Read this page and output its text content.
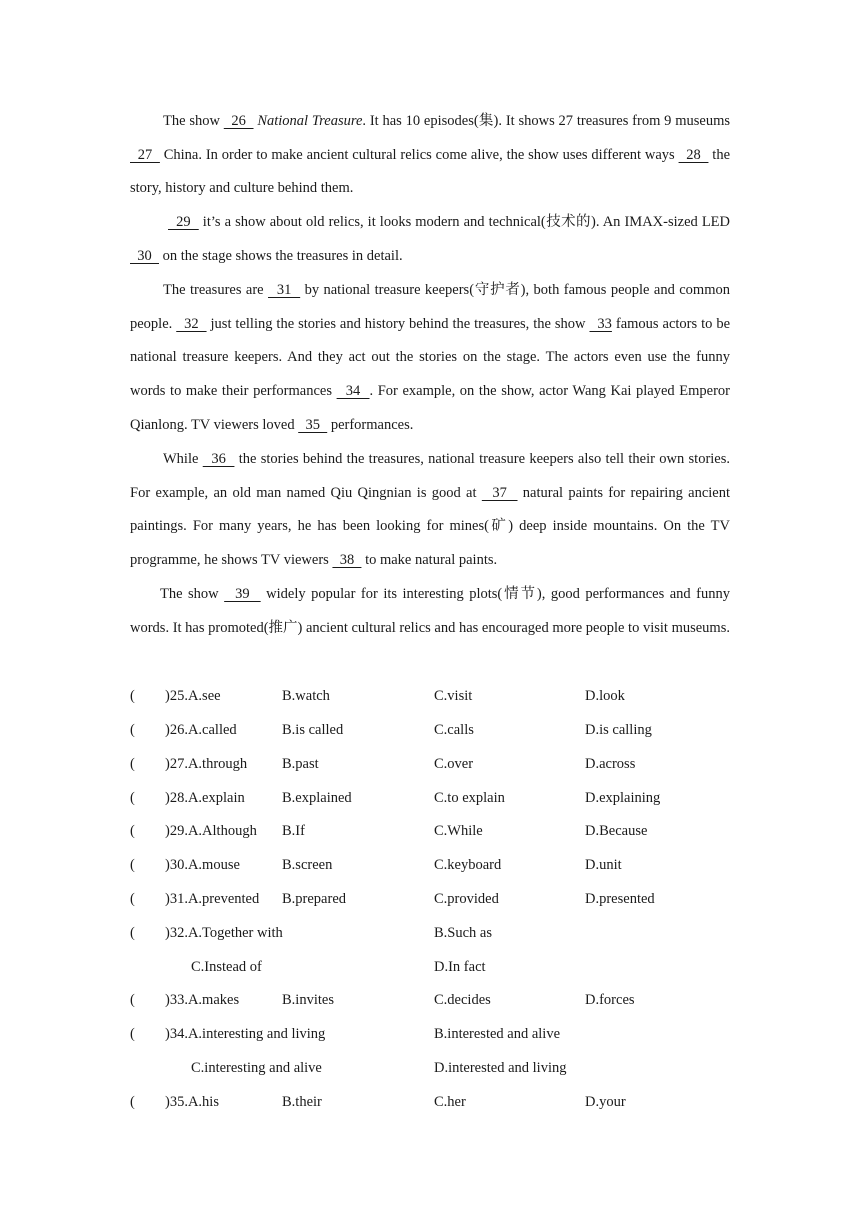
The show   26   National Treasure. It has 10 episodes(集). It shows 27 treasures from 9 museums   27   China. In order to make ancient cultural relics come alive, the show uses different ways   28   the story, history and culture behind them.

29   it’s a show about old relics, it looks modern and technical(技术的). An IMAX-sized LED   30   on the stage shows the treasures in detail.

The treasures are   31   by national treasure keepers(守护者), both famous people and common people.   32   just telling the stories and history behind the treasures, the show   33 famous actors to be national treasure keepers. And they act out the stories on the stage. The actors even use the funny words to make their performances   34  . For example, on the show, actor Wang Kai played Emperor Qianlong. TV viewers loved   35   performances.

While   36   the stories behind the treasures, national treasure keepers also tell their own stories. For example, an old man named Qiu Qingnian is good at   37   natural paints for repairing ancient paintings. For many years, he has been looking for mines(矿) deep inside mountains. On the TV programme, he shows TV viewers   38   to make natural paints.

The show   39   widely popular for its interesting plots(情节), good performances and funny words. It has promoted(推广) ancient cultural relics and has encouraged more people to visit museums.

( )25.A.see	B.watch	C.visit	D.look
( )26.A.called	B.is called	C.calls	D.is calling
( )27.A.through B.past	C.over	D.across
( )28.A.explain	B.explained	C.to explain	D.explaining
( )29.A.Although B.If	C.While	D.Because
( )30.A.mouse	B.screen	C.keyboard	D.unit
( )31.A.prevented B.prepared	C.provided	D.presented
( )32.A.Together with	B.Such as
C.Instead of	D.In fact
( )33.A.makes	B.invites	C.decides	D.forces
( )34.A.interesting and living	B.interested and alive
C.interesting and alive	D.interested and living
( )35.A.his	B.their	C.her	D.your
